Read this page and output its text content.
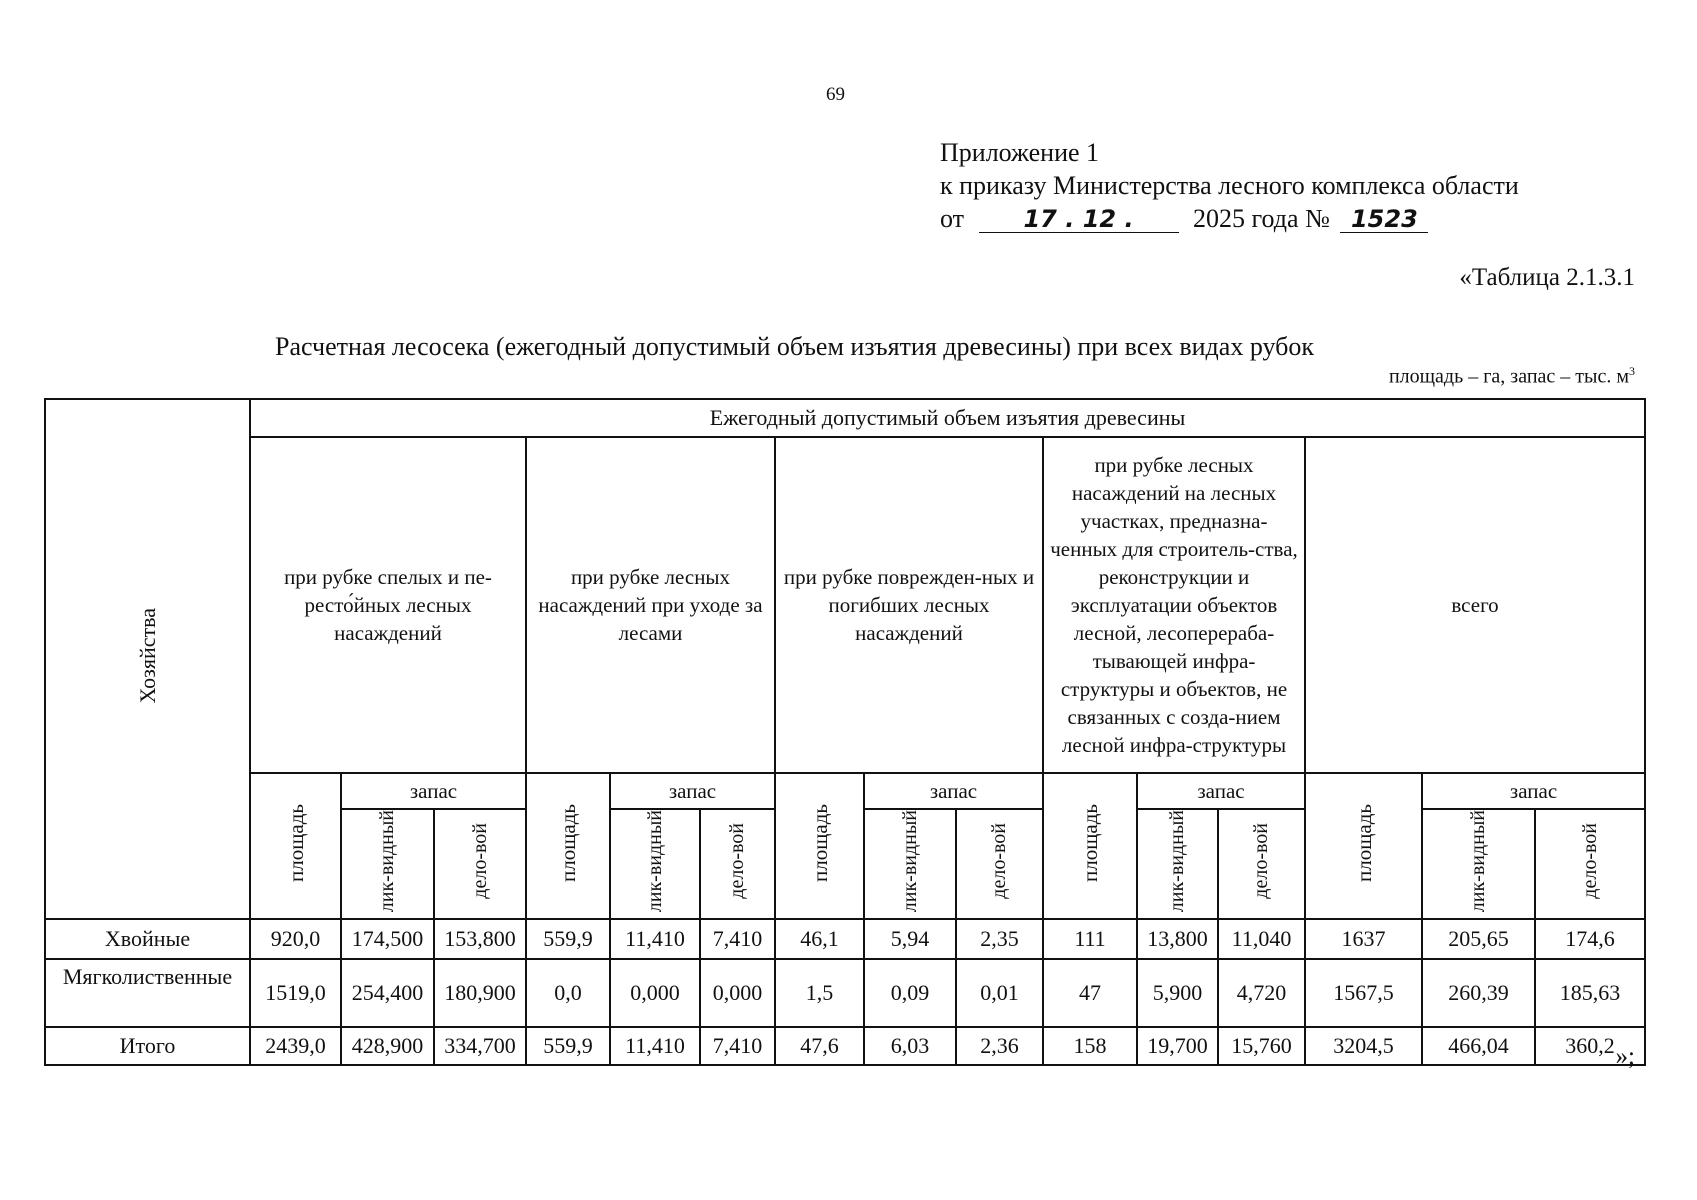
69
Приложение 1
к приказу Министерства лесного комплекса области
от 17 . 12 . 2025 года № 1523
«Таблица 2.1.3.1
Расчетная лесосека (ежегодный допустимый объем изъятия древесины) при всех видах рубок
площадь – га, запас – тыс. $м^3$
Хозяйства	Ежегодный допустимый объем изъятия древесины														

	при рубке спелых и пе-ресто́йных лесных насаждений			при рубке лесных насаждений при уходе за лесами			при рубке поврежден-ных и погибших лесных насаждений			при рубке лесных насаждений на лесных участках, предназна-ченных для строитель-ства, реконструкции и эксплуатации объектов лесной, лесоперераба-тывающей инфра-структуры и объектов, не связанных с созда-нием лесной инфра-структуры			всего		

	площадь	запас		площадь	запас		площадь	запас		площадь	запас		площадь	запас	
		лик-видный	дело-вой		лик-видный	дело-вой		лик-видный	дело-вой		лик-видный	дело-вой		лик-видный	дело-вой
Хвойные	920,0	174,500	153,800	559,9	11,410	7,410	46,1	5,94	2,35	111	13,800	11,040	1637	205,65	174,6
Мягколиственные	1519,0	254,400	180,900	0,0	0,000	0,000	1,5	0,09	0,01	47	5,900	4,720	1567,5	260,39	185,63
Итого	2439,0	428,900	334,700	559,9	11,410	7,410	47,6	6,03	2,36	158	19,700	15,760	3204,5	466,04	360,2 »;
